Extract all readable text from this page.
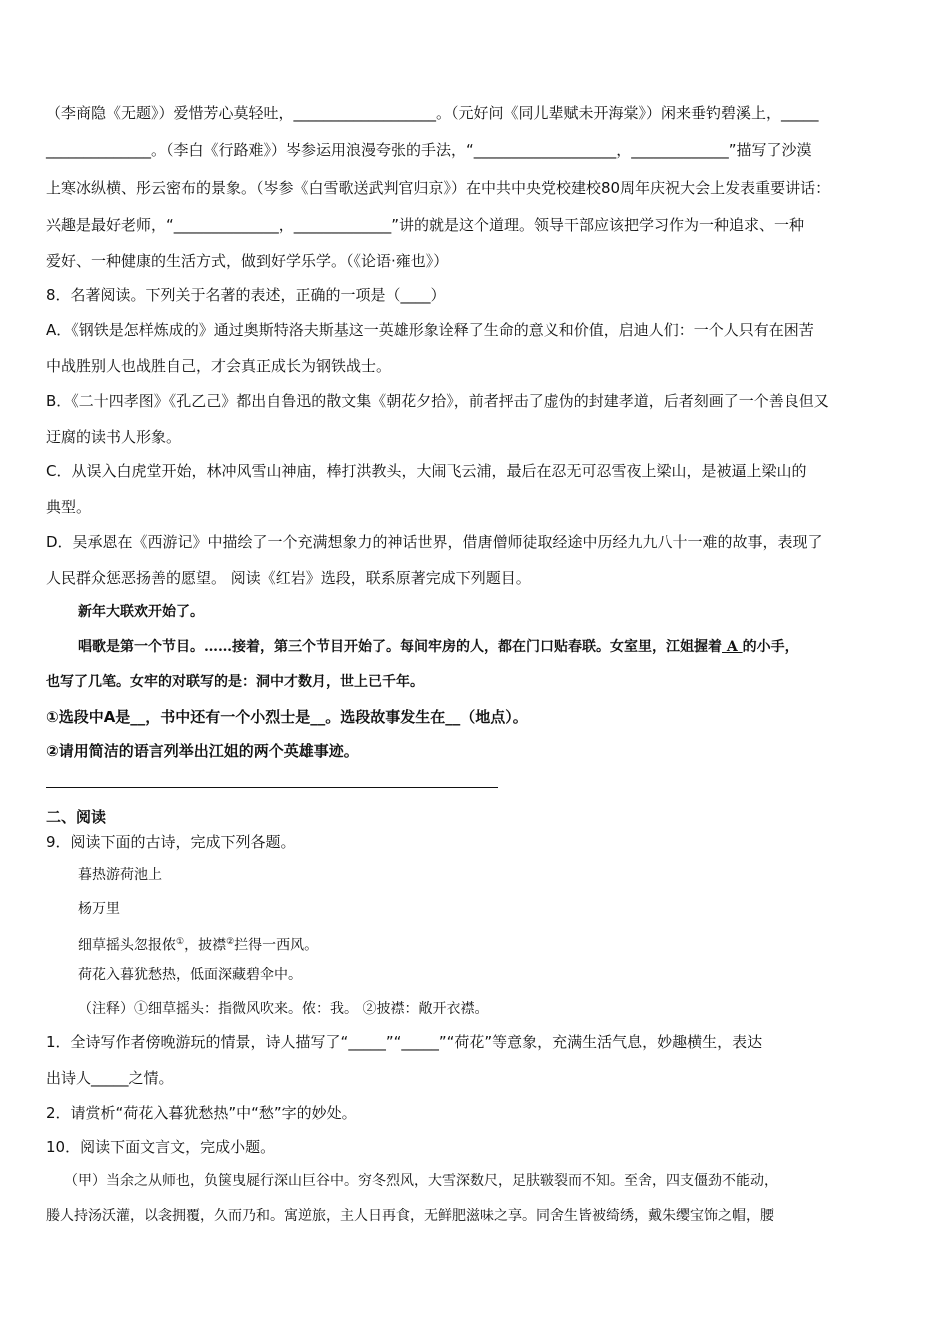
（李商隐《无题》）爱惜芳心莫轻吐，___________________。（元好问《同儿辈赋未开海棠》）闲来垂钓碧溪上，_____
______________。（李白《行路难》）岑参运用浪漫夸张的手法，“___________________，_____________”描写了沙漠
上寒冰纵横、彤云密布的景象。（岑参《白雪歌送武判官归京》）在中共中央党校建校80周年庆祝大会上发表重要讲话：
兴趣是最好老师，“______________，_____________”讲的就是这个道理。领导干部应该把学习作为一种追求、一种
爱好、一种健康的生活方式，做到好学乐学。（《论语·雍也》）
8．名著阅读。下列关于名著的表述，正确的一项是（____）
A．《钢铁是怎样炼成的》通过奥斯特洛夫斯基这一英雄形象诠释了生命的意义和价值，启迪人们：一个人只有在困苦
中战胜别人也战胜自己，才会真正成长为钢铁战士。
B．《二十四孝图》《孔乙己》都出自鲁迅的散文集《朝花夕拾》，前者抨击了虚伪的封建孝道，后者刻画了一个善良但又
迂腐的读书人形象。
C．从误入白虎堂开始，林冲风雪山神庙，棒打洪教头，大闹飞云浦，最后在忍无可忍雪夜上梁山，是被逼上梁山的
典型。
D．吴承恩在《西游记》中描绘了一个充满想象力的神话世界，借唐僧师徒取经途中历经九九八十一难的故事，表现了
人民群众惩恶扬善的愿望。 阅读《红岩》选段，联系原著完成下列题目。
新年大联欢开始了。
唱歌是第一个节目。……接着，第三个节目开始了。每间牢房的人，都在门口贴春联。女室里，江姐握着 A 的小手，
也写了几笔。女牢的对联写的是：洞中才数月，世上已千年。
①选段中A是__，书中还有一个小烈士是__。选段故事发生在__（地点）。
②请用简洁的语言列举出江姐的两个英雄事迹。
二、阅读
9．阅读下面的古诗，完成下列各题。
暮热游荷池上
杨万里
细草摇头忽报侬①，披襟②拦得一西风。
荷花入暮犹愁热，低面深藏碧伞中。
（注释）①细草摇头：指微风吹来。侬：我。 ②披襟：敞开衣襟。
1．全诗写作者傍晚游玩的情景，诗人描写了“_____”“_____”“荷花”等意象，充满生活气息，妙趣横生，表达
出诗人_____之情。
2．请赏析“荷花入暮犹愁热”中“愁”字的妙处。
10．阅读下面文言文，完成小题。
（甲）当余之从师也，负箧曳屣行深山巨谷中。穷冬烈风，大雪深数尺，足肤皲裂而不知。至舍，四支僵劲不能动，
媵人持汤沃灌，以衾拥覆，久而乃和。寓逆旅，主人日再食，无鲜肥滋味之享。同舍生皆被绮绣，戴朱缨宝饰之帽，腰
